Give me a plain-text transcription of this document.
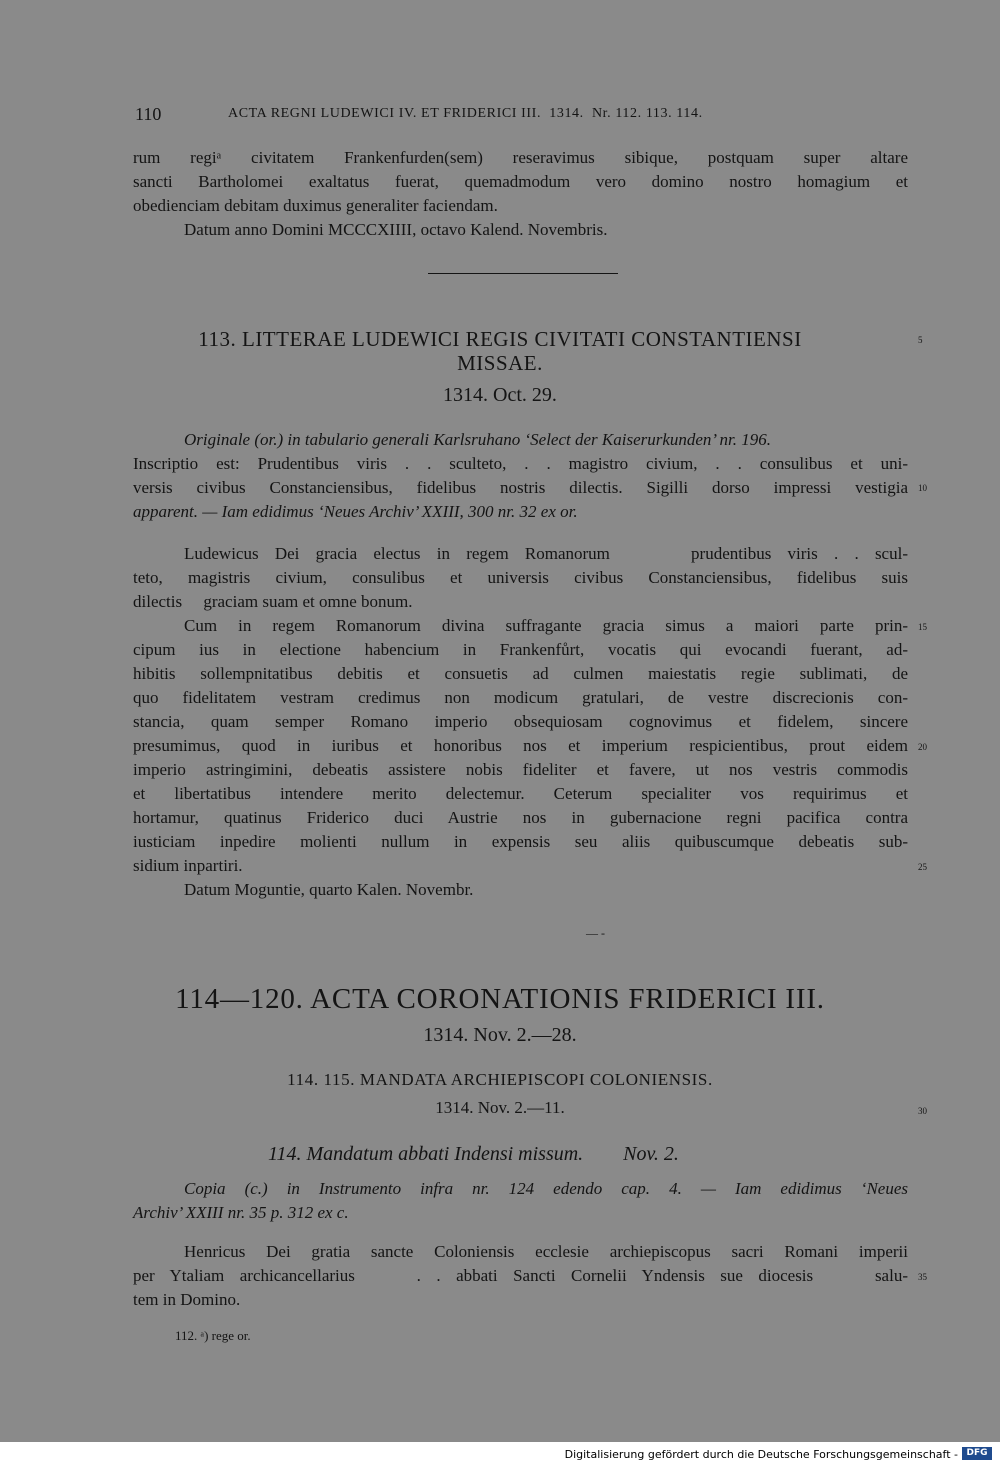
110	ACTA REGNI LUDEWICI IV. ET FRIDERICI III.  1314.  Nr. 112. 113. 114.
rum regiᵃ civitatem Frankenfurden(sem) reseravimus sibique, postquam super altare
sancti Bartholomei exaltatus fuerat, quemadmodum vero domino nostro homagium et
obedienciam debitam duximus generaliter faciendam.
Datum anno Domini MCCCXIIII, octavo Kalend. Novembris.
113. LITTERAE LUDEWICI REGIS CIVITATI CONSTANTIENSI
MISSAE.
1314. Oct. 29.
Originale (or.) in tabulario generali Karlsruhano ‘Select der Kaiserurkunden’ nr. 196.
Inscriptio est: Prudentibus viris . . sculteto, . . magistro civium, . . consulibus et uni-
versis civibus Constanciensibus, fidelibus nostris dilectis. Sigilli dorso impressi vestigia
apparent. — Iam edidimus ‘Neues Archiv’ XXIII, 300 nr. 32 ex or.
Ludewicus Dei gracia electus in regem Romanorum     prudentibus viris . . scul-
teto, magistris civium, consulibus et universis civibus Constanciensibus, fidelibus suis
dilectis     graciam suam et omne bonum.
Cum in regem Romanorum divina suffragante gracia simus a maiori parte prin-
cipum ius in electione habencium in Frankenfůrt, vocatis qui evocandi fuerant, ad-
hibitis sollempnitatibus debitis et consuetis ad culmen maiestatis regie sublimati, de
quo fidelitatem vestram credimus non modicum gratulari, de vestre discrecionis con-
stancia, quam semper Romano imperio obsequiosam cognovimus et fidelem, sincere
presumimus, quod in iuribus et honoribus nos et imperium respicientibus, prout eidem
imperio astringimini, debeatis assistere nobis fideliter et favere, ut nos vestris commodis
et libertatibus intendere merito delectemur. Ceterum specialiter vos requirimus et
hortamur, quatinus Friderico duci Austrie nos in gubernacione regni pacifica contra
iusticiam inpedire molienti nullum in expensis seu aliis quibuscumque debeatis sub-
sidium inpartiri.
Datum Moguntie, quarto Kalen. Novembr.
— -
114—120. ACTA CORONATIONIS FRIDERICI III.
1314. Nov. 2.—28.
114. 115. MANDATA ARCHIEPISCOPI COLONIENSIS.
1314. Nov. 2.—11.
114. Mandatum abbati Indensi missum.        Nov. 2.
Copia (c.) in Instrumento infra nr. 124 edendo cap. 4. — Iam edidimus ‘Neues
Archiv’ XXIII nr. 35 p. 312 ex c.
Henricus Dei gratia sancte Coloniensis ecclesie archiepiscopus sacri Romani imperii
per Ytaliam archicancellarius    . . abbati Sancti Cornelii Yndensis sue diocesis    salu-
tem in Domino.
112. ᵃ) rege or.
5
10
15
20
25
30
35
Digitalisierung gefördert durch die Deutsche Forschungsgemeinschaft - DFG
